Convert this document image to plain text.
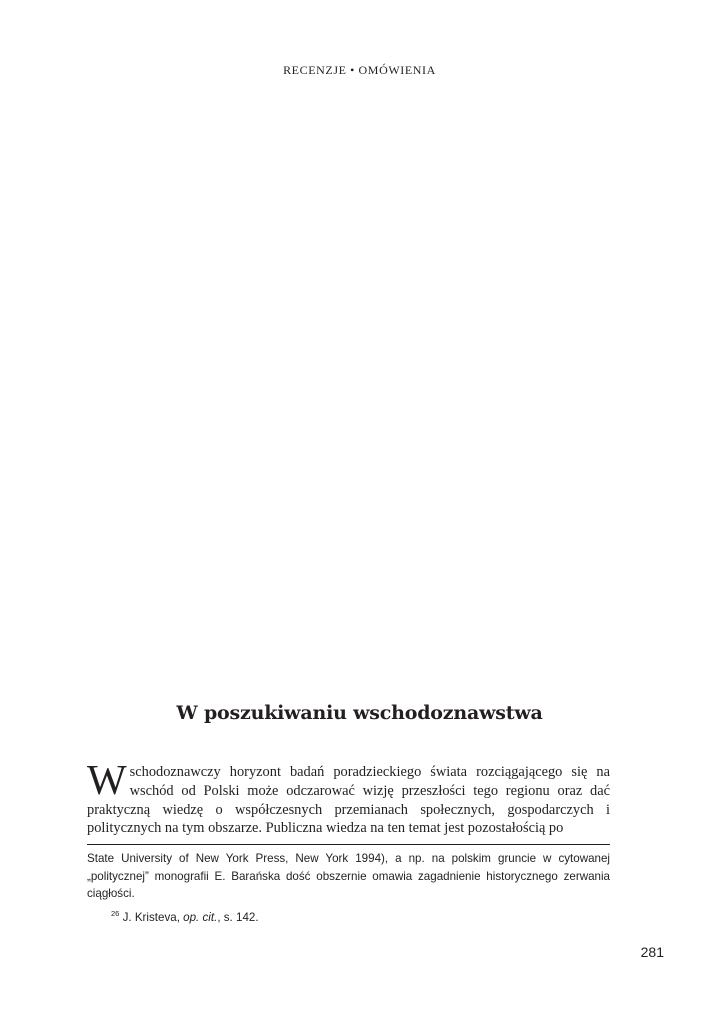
RECENZJE • OMÓWIENIA
W poszukiwaniu wschodoznawstwa

Wschodoznawczy horyzont badań poradzieckiego świata rozciągającego się na wschód od Polski może odczarować wizję przeszłości tego regionu oraz dać praktyczną wiedzę o współczesnych przemianach społecznych, gospodarczych i politycznych na tym obszarze. Publiczna wiedza na ten temat jest pozostałością po

State University of New York Press, New York 1994), a np. na polskim gruncie w cytowanej „politycznej” monografii E. Barańska dość obszernie omawia zagadnienie historycznego zerwania ciągłości.

$^{26}$ J. Kristeva, op. cit., s. 142.

281
